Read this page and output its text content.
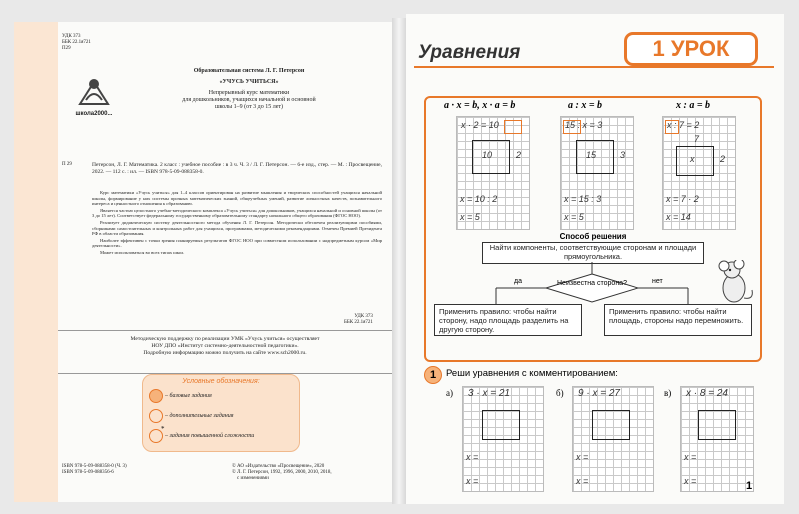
УДК 373
ББК 22.1я721
П29
школа2000...
Образовательная система Л. Г. Петерсон
«УЧУСЬ УЧИТЬСЯ»
Непрерывный курс математики
для дошкольников, учащихся начальной и основной
школы 1–9 (от 3 до 15 лет)
П 29	Петерсон, Л. Г. Математика. 2 класс : учебное пособие : в 3 ч. Ч. 3 / Л. Г. Петерсон. — 6-е изд., стер. — М. : Просвещение, 2022. — 112 с. : ил. — ISBN 978-5-09-088358-0.
Курс математики «Учусь учиться» для 1–4 классов ориентирован на развитие мышления и творческих способностей учащихся начальной школы, формирование у них системы прочных математических знаний, общеучебных умений, развитие личностных качеств, познавательного интереса и ценностного отношения к образованию.
Является частью целостного учебно-методического комплекса «Учусь учиться» для дошкольников, учащихся начальной и основной школы (от 3 до 15 лет). Соответствует федеральному государственному образовательному стандарту начального общего образования (ФГОС НОО).
Реализует дидактическую систему деятельностного метода обучения Л. Г. Петерсон. Методически обеспечен реализующими пособиями, сборниками самостоятельных и контрольных работ для учащихся, программами, методическими рекомендациями. Отмечен Премией Президента РФ в области образования.
Наиболее эффективен с точки зрения планируемых результатов ФГОС НОО при совместном использовании с надпредметным курсом «Мир деятельности».
Может использоваться во всех типах школ.
УДК 373
ББК 22.1я721
Методическую поддержку по реализации УМК «Учусь учиться» осуществляет
НОУ ДПО «Институт системно-деятельностной педагогики».
Подробную информацию можно получить на сайте www.sch2000.ru.
Условные обозначения:
– базовые задания
– дополнительные задания
*
– задания повышенной сложности
ISBN 978-5-09-088358-0 (Ч. 3)
ISBN 978-5-09-088356-6
© АО «Издательство «Просвещение», 2020
© Л. Г. Петерсон, 1992, 1996, 2000, 2010, 2018,
с изменениями
Уравнения	1 УРОК
a · x = b, x · a = b	a : x = b	x : a = b
x · 2 = 10
2
10
x = 10 : 2
x = 5
15 : x = 3
3
15
x = 15 : 3
x = 5
x : 7 = 2
7
2
x
x = 7 · 2
x = 14
Способ решения
Найти компоненты, соответствующие сторонам и площади прямоугольника.
Неизвестна сторона?
да	нет
Применить правило: чтобы найти сторону, надо площадь разделить на другую сторону.
Применить правило: чтобы найти площадь, стороны надо перемножить.
1	Реши уравнения с комментированием:
а) 3 · x = 21
x =
x =
б) 9 · x = 27
x =
x =
в) x · 8 = 24
x =
x =	1
